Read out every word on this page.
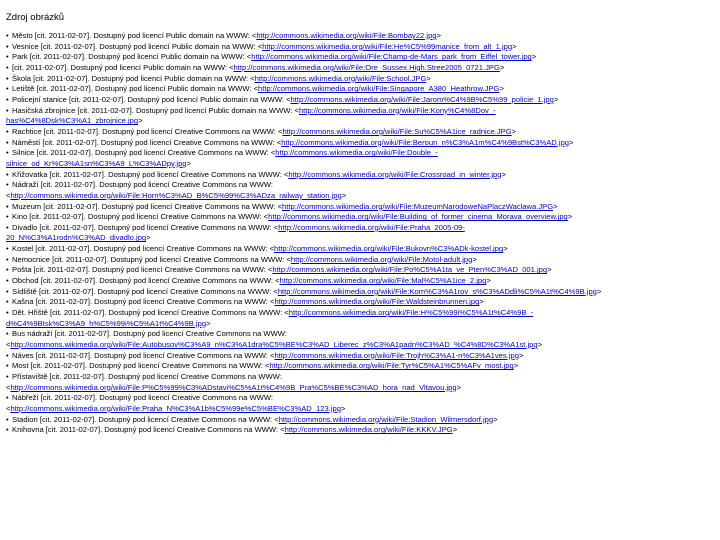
Zdroj obrázků
• Město [cit. 2011-02-07]. Dostupný pod licencí Public domain na WWW: <http://commons.wikimedia.org/wiki/File:Bombay22.jpg>
• Vesnice [cit. 2011-02-07]. Dostupný pod licencí Public domain na WWW: <http://commons.wikimedia.org/wiki/File:He%C5%99manice_from_alt_1.jpg>
• Park [cit. 2011-02-07]. Dostupný pod licencí Public domain na WWW: <http://commons.wikimedia.org/wiki/File:Champ-de-Mars_park_from_Eiffel_tower.jpg>
• [cit. 2011-02-07]. Dostupný pod licencí Public domain na WWW: <http://commons.wikimedia.org/wiki/File:Ore_Sussex.High.Stree2005_0721.JPG>
• Škola [cit. 2011-02-07]. Dostupný pod licencí Public domain na WWW: <http://commons.wikimedia.org/wiki/File:School.JPG>
• Letiště [cit. 2011-02-07]. Dostupný pod licencí Public domain na WWW: <http://commons.wikimedia.org/wiki/File:Singapore_A380_Heathrow.JPG>
• Policejní stanice [cit. 2011-02-07]. Dostupný pod licencí Public domain na WWW: <http://commons.wikimedia.org/wiki/File:Jarom%C4%9B%C5%99_policie_1.jpg>
• Hasičská zbrojnice [cit. 2011-02-07]. Dostupný pod licencí Public domain na WWW: <http://commons.wikimedia.org/wiki/File:Kony%C4%8Dov_-
has%C4%8Dsk%C3%A1_zbrojnice.jpg>
• Rachtice [cit. 2011-02-07]. Dostupný pod licencí Creative Commons na WWW: <http://commons.wikimedia.org/wiki/File:Su%C5%A1ice_radnice.JPG>
• Náměstí [cit. 2011-02-07]. Dostupný pod licencí Creative Commons na WWW: <http://commons.wikimedia.org/wiki/File:Beroun_n%C3%A1m%C4%9Bst%C3%AD.jpg>
• Silnice [cit. 2011-02-07]. Dostupný pod licencí Creative Commons na WWW: <http://commons.wikimedia.org/wiki/File:Double_-
silnice_od_Kr%C3%A1sn%C3%A9_L%C3%ADpy.jpg>
• Křižovatka [cit. 2011-02-07]. Dostupný pod licencí Creative Commons na WWW: <http://commons.wikimedia.org/wiki/File:Crossroad_in_winter.jpg>
• Nádraží [cit. 2011-02-07]. Dostupný pod licencí Creative Commons na WWW:
<http://commons.wikimedia.org/wiki/File:Horn%C3%AD_B%C5%99%C3%ADza_railway_station.jpg>
• Muzeum [cit. 2011-02-07]. Dostupný pod licencí Creative Commons na WWW: <http://commons.wikimedia.org/wiki/File:MuzeumNarodoweNaPlaczWaclawa.JPG>
• Kino [cit. 2011-02-07]. Dostupný pod licencí Creative Commons na WWW: <http://commons.wikimedia.org/wiki/File:Building_of_former_cinema_Morava_overview.jpg>
• Divadlo [cit. 2011-02-07]. Dostupný pod licencí Creative Commons na WWW: <http://commons.wikimedia.org/wiki/File:Praha_2005-09-
20_N%C3%A1rodn%C3%AD_divadlo.jpg>
• Kostel [cit. 2011-02-07]. Dostupný pod licencí Creative Commons na WWW: <http://commons.wikimedia.org/wiki/File:Bukovn%C3%ADk-kostel.jpg>
• Nemocnice [cit. 2011-02-07]. Dostupný pod licencí Creative Commons na WWW: <http://commons.wikimedia.org/wiki/File:Motol-adult.jpg>
• Pošta [cit. 2011-02-07]. Dostupný pod licencí Creative Commons na WWW: <http://commons.wikimedia.org/wiki/File:Po%C5%A1ta_ve_Pten%C3%AD_001.jpg>
• Obchod [cit. 2011-02-07]. Dostupný pod licencí Creative Commons na WWW: <http://commons.wikimedia.org/wiki/File:Mal%C5%A1ice_2.jpg>
• Sídliště [cit. 2011-02-07]. Dostupný pod licencí Creative Commons na WWW: <http://commons.wikimedia.org/wiki/File:Kom%C3%A1rov_s%C3%ADdli%C5%A1t%C4%9B.jpg>
• Kašna [cit. 2011-02-07]. Dostupný pod licencí Creative Commons na WWW: <http://commons.wikimedia.org/wiki/File:Waldsteinbrunnen.jpg>
• Dět. Hřiště [cit. 2011-02-07]. Dostupný pod licencí Creative Commons na WWW: <http://commons.wikimedia.org/wiki/File:H%C5%99i%C5%A1t%C4%9B_-
d%C4%9Btsk%C3%A9_h%C5%99i%C5%A1t%C4%9B.jpg>
• Bus nádraží [cit. 2011-02-07]. Dostupný pod licencí Creative Commons na WWW:
<http://commons.wikimedia.org/wiki/File:Autobusov%C3%A9_n%C3%A1dra%C5%BE%C3%AD_Liberec_z%C3%A1padn%C3%AD_%C4%8D%C3%A1st.jpg>
• Náves [cit. 2011-02-07]. Dostupný pod licencí Creative Commons na WWW: <http://commons.wikimedia.org/wiki/File:Trojh%C3%A1-n%C3%A1ves.jpg>
• Most [cit. 2011-02-07]. Dostupný pod licencí Creative Commons na WWW: <http://commons.wikimedia.org/wiki/File:Tyr%C5%A1%C5%AFv_most.jpg>
• Přístaviště [cit. 2011-02-07]. Dostupný pod licencí Creative Commons na WWW:
<http://commons.wikimedia.org/wiki/File:P%C5%99%C3%ADstavi%C5%A1t%C4%9B_Pra%C5%BE%C3%AD_hora_nad_Vltavou.jpg>
• Nábřeží [cit. 2011-02-07]. Dostupný pod licencí Creative Commons na WWW:
<http://commons.wikimedia.org/wiki/File:Praha_N%C3%A1b%C5%99e%C5%BE%C3%AD_123.jpg>
• Stadion [cit. 2011-02-07]. Dostupný pod licencí Creative Commons na WWW: <http://commons.wikimedia.org/wiki/File:Stadion_Wilmersdorf.jpg>
• Knihovna [cit. 2011-02-07]. Dostupný pod licencí Creative Commons na WWW: <http://commons.wikimedia.org/wiki/File:KKKV.JPG>
